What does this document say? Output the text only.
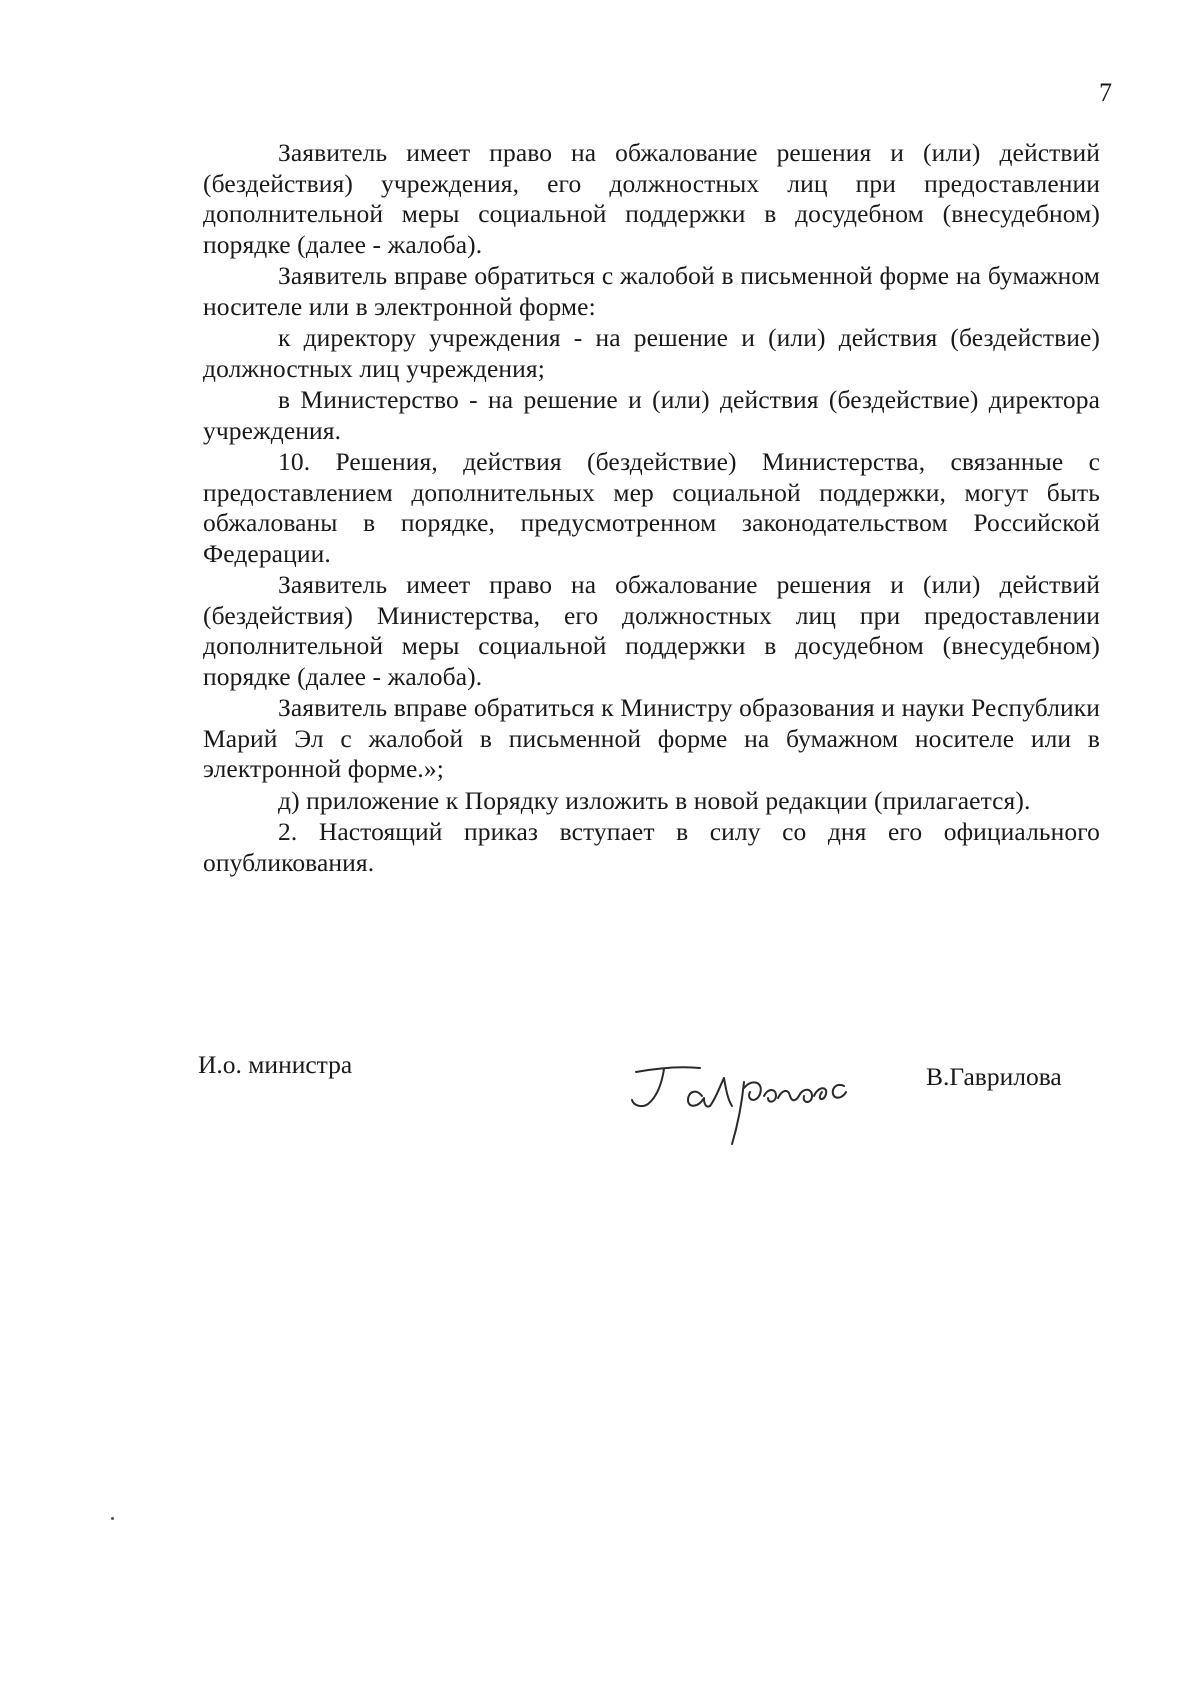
7

Заявитель имеет право на обжалование решения и (или) действий (бездействия) учреждения, его должностных лиц при предоставлении дополнительной меры социальной поддержки в досудебном (внесудебном) порядке (далее - жалоба).

Заявитель вправе обратиться с жалобой в письменной форме на бумажном носителе или в электронной форме:

к директору учреждения - на решение и (или) действия (бездействие) должностных лиц учреждения;

в Министерство - на решение и (или) действия (бездействие) директора учреждения.

10. Решения, действия (бездействие) Министерства, связанные с предоставлением дополнительных мер социальной поддержки, могут быть обжалованы в порядке, предусмотренном законодательством Российской Федерации.

Заявитель имеет право на обжалование решения и (или) действий (бездействия) Министерства, его должностных лиц при предоставлении дополнительной меры социальной поддержки в досудебном (внесудебном) порядке (далее - жалоба).

Заявитель вправе обратиться к Министру образования и науки Республики Марий Эл с жалобой в письменной форме на бумажном носителе или в электронной форме.»;

д) приложение к Порядку изложить в новой редакции (прилагается).

2. Настоящий приказ вступает в силу со дня его официального опубликования.

И.о. министра	В.Гаврилова
